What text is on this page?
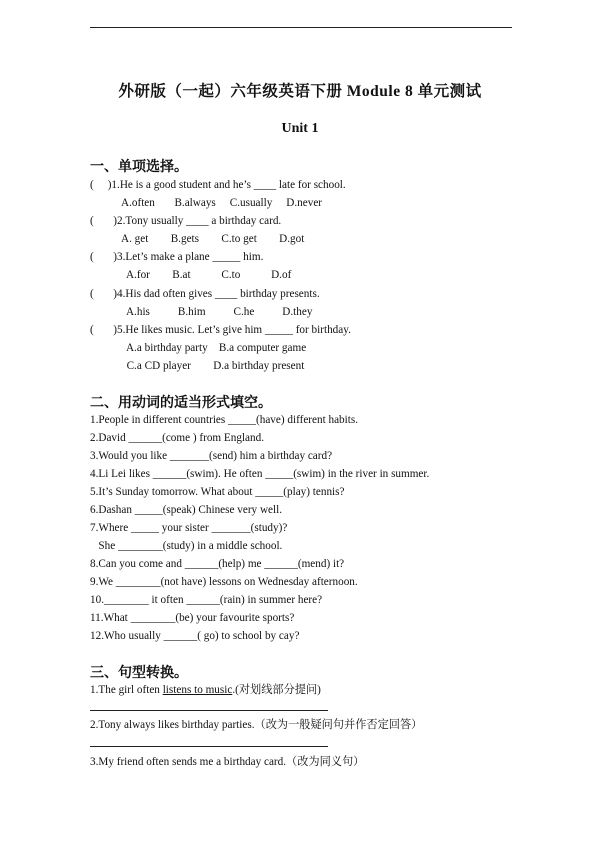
外研版（一起）六年级英语下册 Module 8 单元测试
Unit 1
一、单项选择。
(     )1.He is a good student and he’s ____ late for school.
A.often       B.always     C.usually     D.never
(       )2.Tony usually ____ a birthday card.
A. get        B.gets        C.to get        D.got
(       )3.Let’s make a plane _____ him.
A.for        B.at           C.to           D.of
(       )4.His dad often gives ____ birthday presents.
A.his          B.him          C.he          D.they
(       )5.He likes music. Let’s give him _____ for birthday.
A.a birthday party    B.a computer game
C.a CD player        D.a birthday present
二、用动词的适当形式填空。
1.People in different countries _____(have) different habits.
2.David ______(come ) from England.
3.Would you like _______(send) him a birthday card?
4.Li Lei likes ______(swim). He often _____(swim) in the river in summer.
5.It’s Sunday tomorrow. What about _____(play) tennis?
6.Dashan _____(speak) Chinese very well.
7.Where _____ your sister _______(study)?
She ________(study) in a middle school.
8.Can you come and ______(help) me ______(mend) it?
9.We ________(not have) lessons on Wednesday afternoon.
10.________ it often ______(rain) in summer here?
11.What ________(be) your favourite sports?
12.Who usually ______( go) to school by cay?
三、句型转换。
1.The girl often listens to music.(对划线部分提问)
2.Tony always likes birthday parties.（改为一般疑问句并作否定回答）
3.My friend often sends me a birthday card.（改为同义句）
